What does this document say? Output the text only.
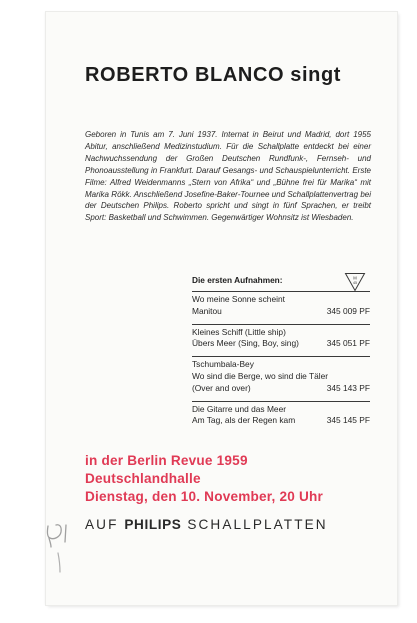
ROBERTO BLANCO singt

Geboren in Tunis am 7. Juni 1937. Internat in Beirut und Madrid, dort 1955 Abitur, anschließend Medizinstudium. Für die Schallplatte entdeckt bei einer Nachwuchssendung der Großen Deutschen Rundfunk-, Fernseh- und Phonoausstellung in Frankfurt. Darauf Gesangs- und Schauspielunterricht. Erste Filme: Alfred Weidenmanns „Stern von Afrika“ und „Bühne frei für Marika“ mit Marika Rökk. Anschließend Josefine-Baker-Tournee und Schallplattenvertrag bei der Deutschen Philips. Roberto spricht und singt in fünf Sprachen, er treibt Sport: Basketball und Schwimmen. Gegenwärtiger Wohnsitz ist Wiesbaden.

Die ersten Aufnahmen:	M
45
Wo meine Sonne scheint
Manitou	345 009 PF
Kleines Schiff (Little ship)
Übers Meer (Sing, Boy, sing)	345 051 PF
Tschumbala-Bey
Wo sind die Berge, wo sind die Täler
(Over and over)	345 143 PF
Die Gitarre und das Meer
Am Tag, als der Regen kam	345 145 PF
in der Berlin Revue 1959
Deutschlandhalle
Dienstag, den 10. November, 20 Uhr
AUF PHILIPS SCHALLPLATTEN
